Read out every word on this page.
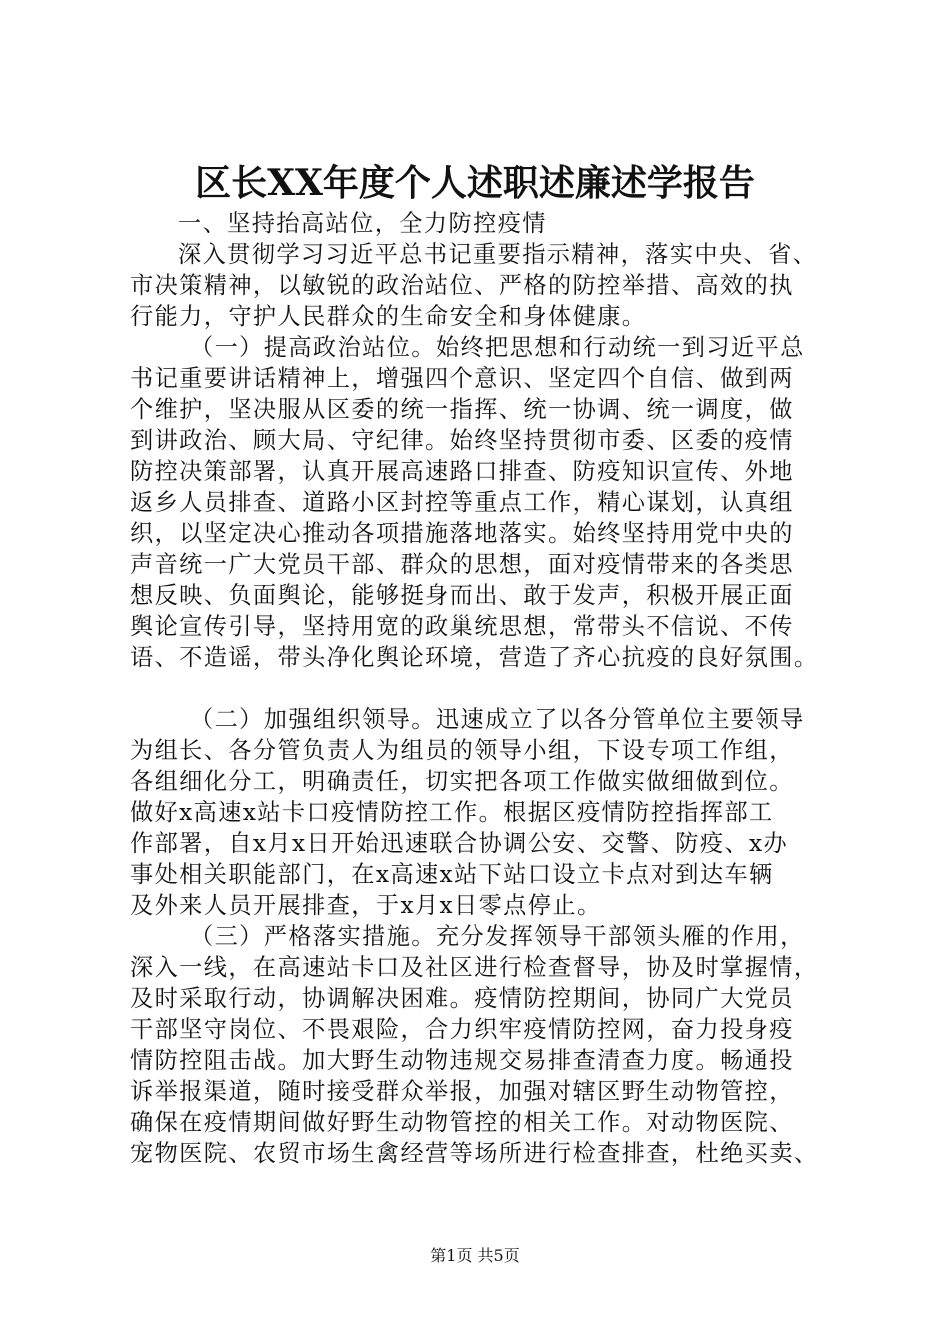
区长XX年度个人述职述廉述学报告
一、坚持抬高站位，全力防控疫情
深入贯彻学习习近平总书记重要指示精神，落实中央、省、
市决策精神，以敏锐的政治站位、严格的防控举措、高效的执
行能力，守护人民群众的生命安全和身体健康。
（一）提高政治站位。始终把思想和行动统一到习近平总
书记重要讲话精神上，增强四个意识、坚定四个自信、做到两
个维护，坚决服从区委的统一指挥、统一协调、统一调度，做
到讲政治、顾大局、守纪律。始终坚持贯彻市委、区委的疫情
防控决策部署，认真开展高速路口排查、防疫知识宣传、外地
返乡人员排查、道路小区封控等重点工作，精心谋划，认真组
织，以坚定决心推动各项措施落地落实。始终坚持用党中央的
声音统一广大党员干部、群众的思想，面对疫情带来的各类思
想反映、负面舆论，能够挺身而出、敢于发声，积极开展正面
舆论宣传引导，坚持用宽的政巢统思想，常带头不信说、不传
语、不造谣，带头净化舆论环境，营造了齐心抗疫的良好氛围。
（二）加强组织领导。迅速成立了以各分管单位主要领导
为组长、各分管负责人为组员的领导小组，下设专项工作组，
各组细化分工，明确责任，切实把各项工作做实做细做到位。
做好x高速x站卡口疫情防控工作。根据区疫情防控指挥部工
作部署，自x月x日开始迅速联合协调公安、交警、防疫、x办
事处相关职能部门，在x高速x站下站口设立卡点对到达车辆
及外来人员开展排查，于x月x日零点停止。
（三）严格落实措施。充分发挥领导干部领头雁的作用，
深入一线，在高速站卡口及社区进行检查督导，协及时掌握情，
及时采取行动，协调解决困难。疫情防控期间，协同广大党员
干部坚守岗位、不畏艰险，合力织牢疫情防控网，奋力投身疫
情防控阻击战。加大野生动物违规交易排查清查力度。畅通投
诉举报渠道，随时接受群众举报，加强对辖区野生动物管控，
确保在疫情期间做好野生动物管控的相关工作。对动物医院、
宠物医院、农贸市场生禽经营等场所进行检查排查，杜绝买卖、
第1页 共5页
